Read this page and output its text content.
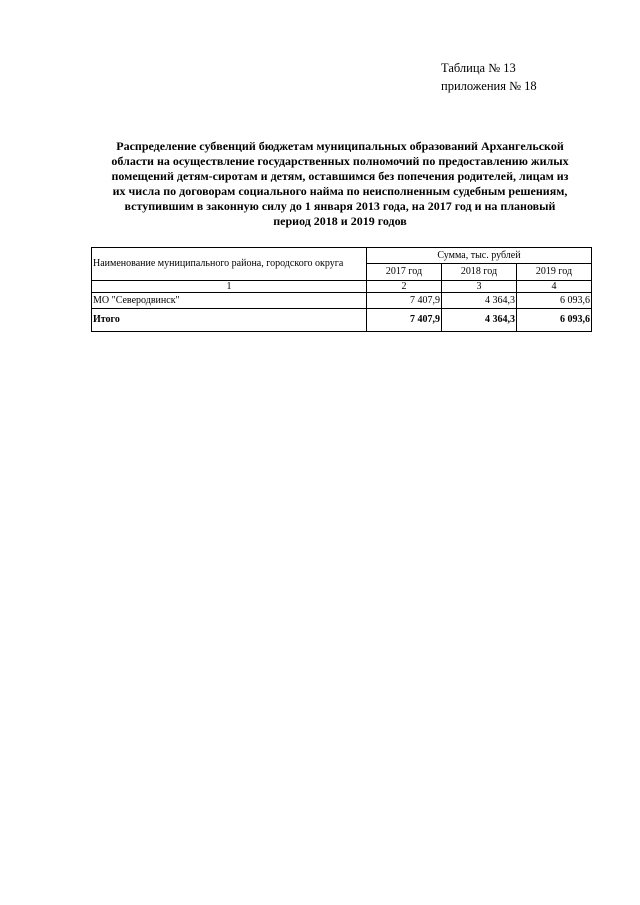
Таблица № 13
приложения № 18
Распределение субвенций бюджетам муниципальных образований Архангельской
области на осуществление государственных полномочий по предоставлению жилых
помещений детям-сиротам и детям, оставшимся без попечения родителей, лицам из
их числа по договорам социального найма по неисполненным судебным решениям,
вступившим в законную силу до 1 января 2013 года, на 2017 год и на плановый
период 2018 и 2019 годов
Наименование муниципального района, городского округа	Сумма, тыс. рублей		
	2017 год	2018 год	2019 год
1	2	3	4
МО "Северодвинск"	7 407,9	4 364,3	6 093,6
Итого	7 407,9	4 364,3	6 093,6
